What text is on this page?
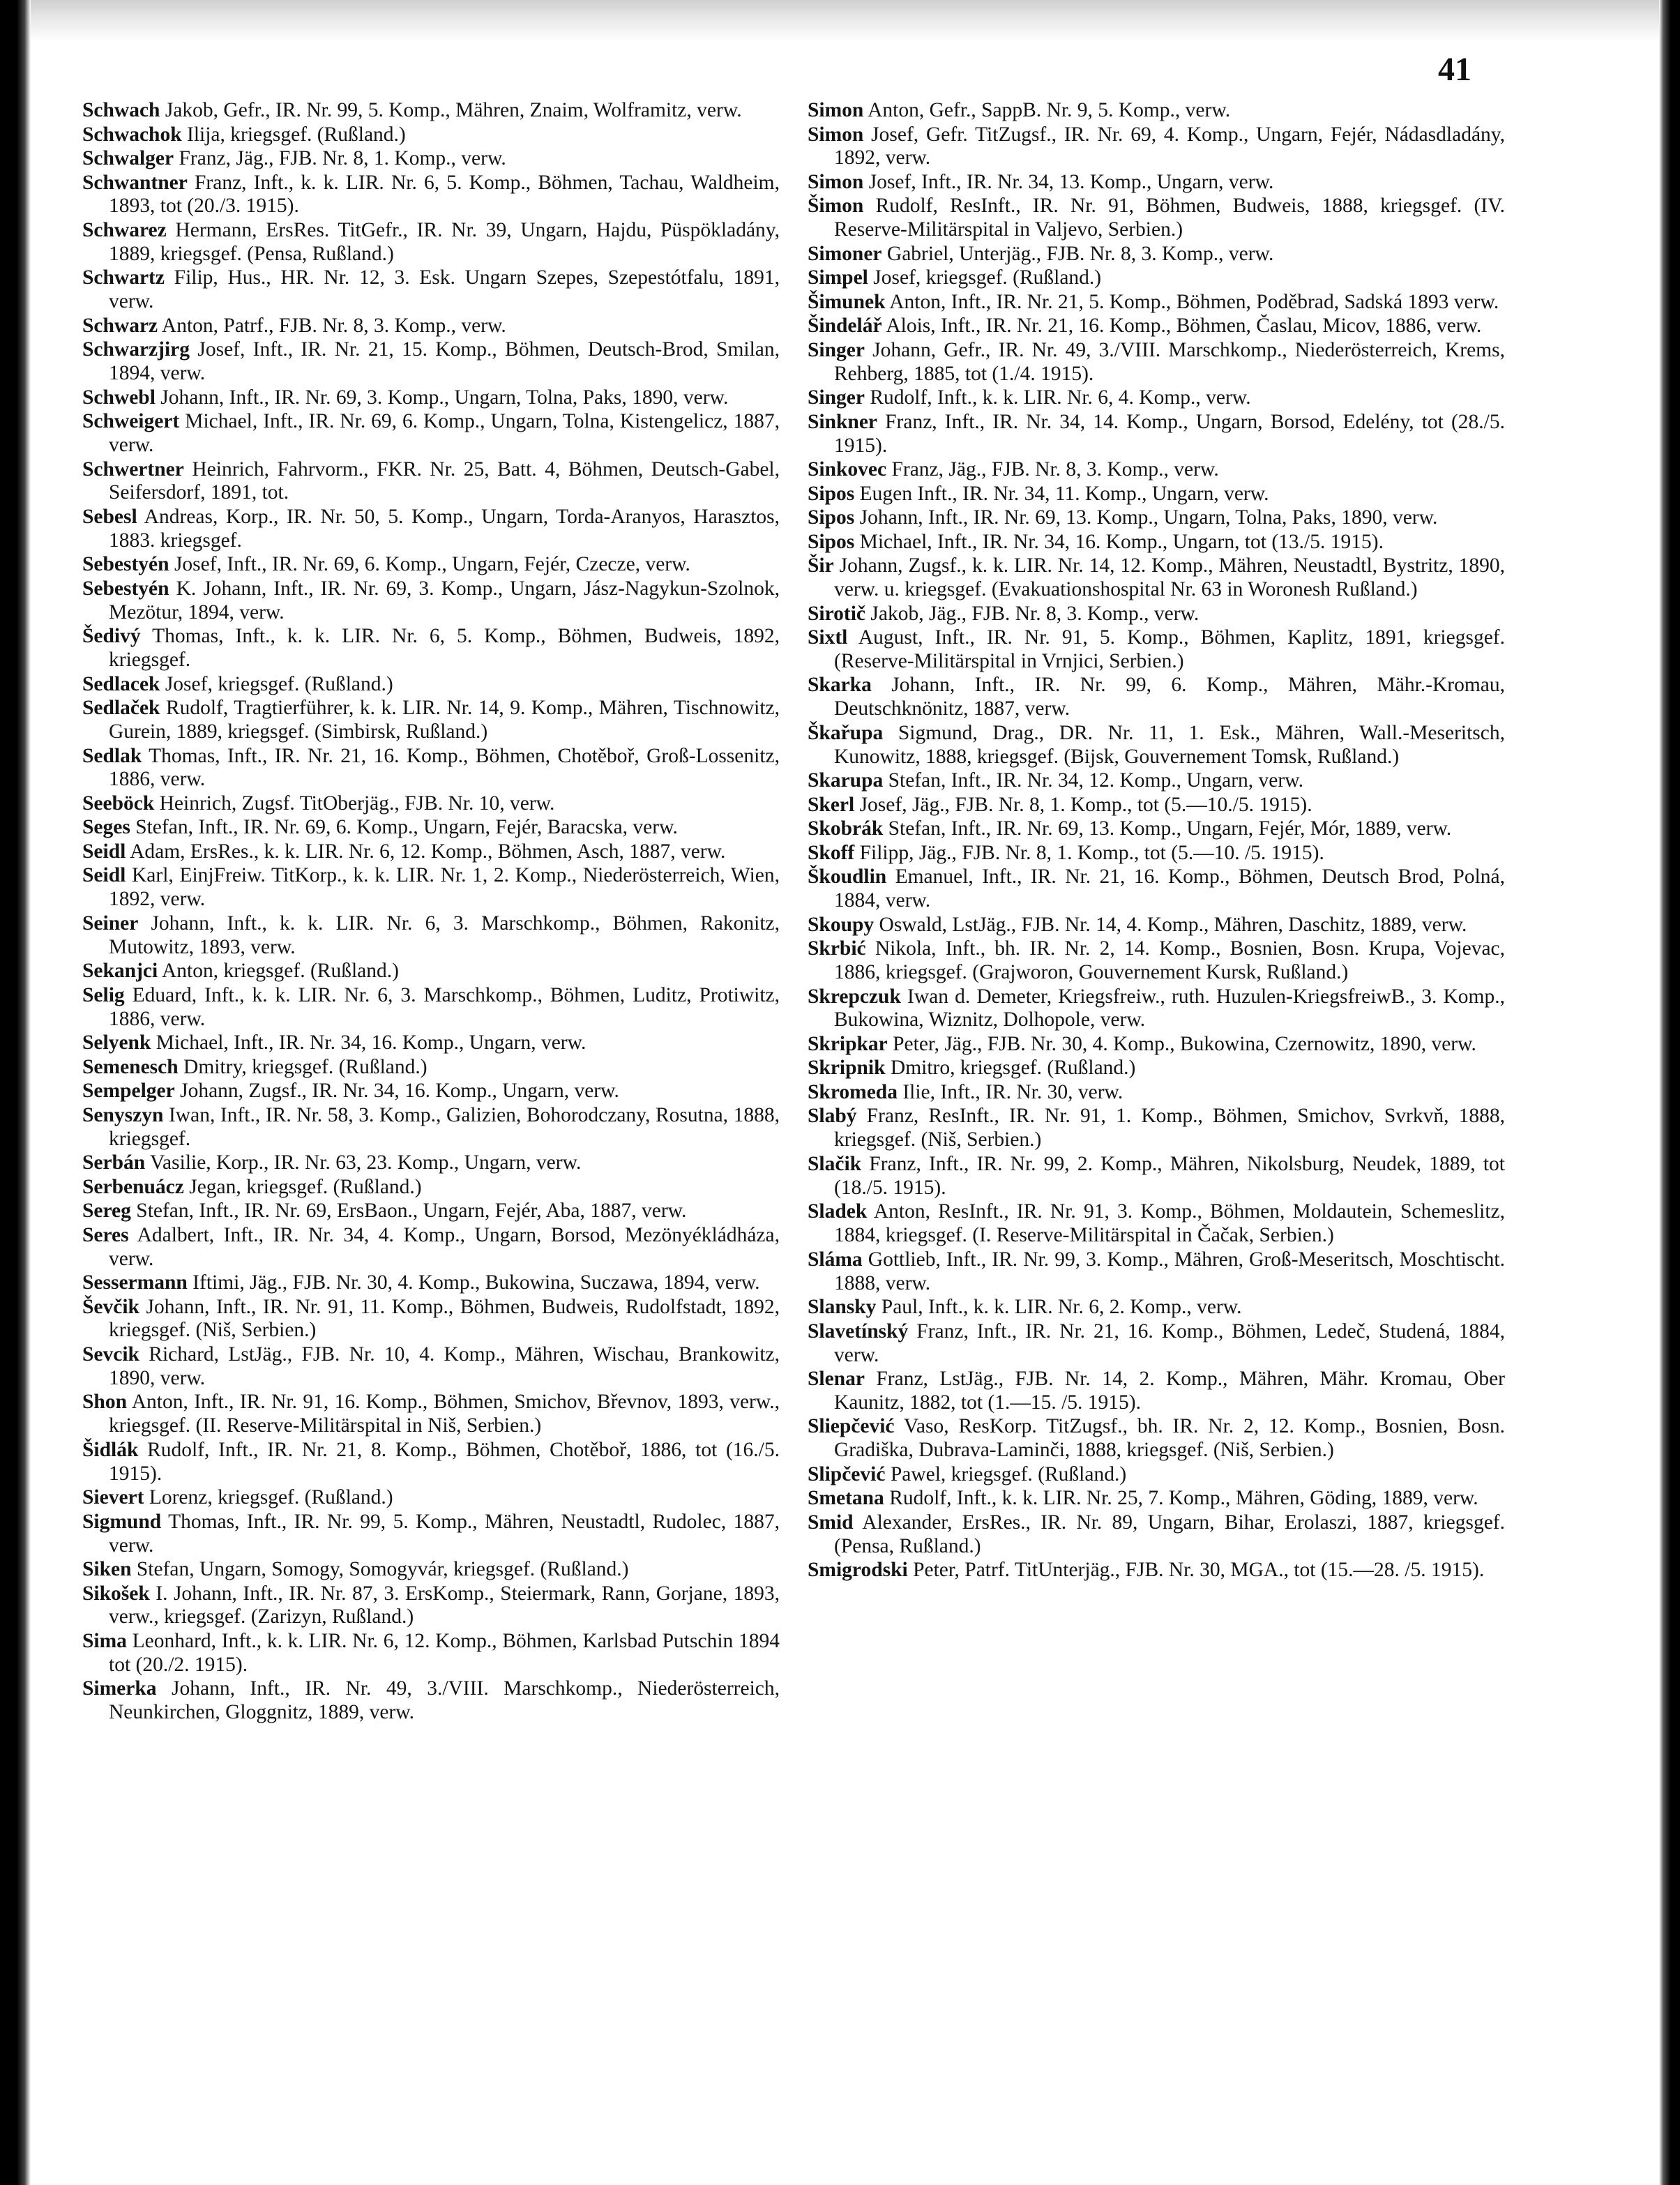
41

Schwach Jakob, Gefr., IR. Nr. 99, 5. Komp., Mähren, Znaim, Wolframitz, verw.

Schwachok Ilija, kriegsgef. (Rußland.)

Schwalger Franz, Jäg., FJB. Nr. 8, 1. Komp., verw.

Schwantner Franz, Inft., k. k. LIR. Nr. 6, 5. Komp., Böhmen, Tachau, Waldheim, 1893, tot (20./3. 1915).

Schwarez Hermann, ErsRes. TitGefr., IR. Nr. 39, Ungarn, Hajdu, Püspökladány, 1889, kriegsgef. (Pensa, Rußland.)

Schwartz Filip, Hus., HR. Nr. 12, 3. Esk. Ungarn Szepes, Szepestótfalu, 1891, verw.

Schwarz Anton, Patrf., FJB. Nr. 8, 3. Komp., verw.

Schwarzjirg Josef, Inft., IR. Nr. 21, 15. Komp., Böhmen, Deutsch-Brod, Smilan, 1894, verw.

Schwebl Johann, Inft., IR. Nr. 69, 3. Komp., Ungarn, Tolna, Paks, 1890, verw.

Schweigert Michael, Inft., IR. Nr. 69, 6. Komp., Ungarn, Tolna, Kistengelicz, 1887, verw.

Schwertner Heinrich, Fahrvorm., FKR. Nr. 25, Batt. 4, Böhmen, Deutsch-Gabel, Seifersdorf, 1891, tot.

Sebesl Andreas, Korp., IR. Nr. 50, 5. Komp., Ungarn, Torda-Aranyos, Harasztos, 1883. kriegsgef.

Sebestyén Josef, Inft., IR. Nr. 69, 6. Komp., Ungarn, Fejér, Czecze, verw.

Sebestyén K. Johann, Inft., IR. Nr. 69, 3. Komp., Ungarn, Jász-Nagykun-Szolnok, Mezötur, 1894, verw.

Šedivý Thomas, Inft., k. k. LIR. Nr. 6, 5. Komp., Böhmen, Budweis, 1892, kriegsgef.

Sedlacek Josef, kriegsgef. (Rußland.)

Sedlaček Rudolf, Tragtierführer, k. k. LIR. Nr. 14, 9. Komp., Mähren, Tischnowitz, Gurein, 1889, kriegsgef. (Simbirsk, Rußland.)

Sedlak Thomas, Inft., IR. Nr. 21, 16. Komp., Böhmen, Chotěboř, Groß-Lossenitz, 1886, verw.

Seeböck Heinrich, Zugsf. TitOberjäg., FJB. Nr. 10, verw.

Seges Stefan, Inft., IR. Nr. 69, 6. Komp., Ungarn, Fejér, Baracska, verw.

Seidl Adam, ErsRes., k. k. LIR. Nr. 6, 12. Komp., Böhmen, Asch, 1887, verw.

Seidl Karl, EinjFreiw. TitKorp., k. k. LIR. Nr. 1, 2. Komp., Niederösterreich, Wien, 1892, verw.

Seiner Johann, Inft., k. k. LIR. Nr. 6, 3. Marschkomp., Böhmen, Rakonitz, Mutowitz, 1893, verw.

Sekanjci Anton, kriegsgef. (Rußland.)

Selig Eduard, Inft., k. k. LIR. Nr. 6, 3. Marschkomp., Böhmen, Luditz, Protiwitz, 1886, verw.

Selyenk Michael, Inft., IR. Nr. 34, 16. Komp., Ungarn, verw.

Semenesch Dmitry, kriegsgef. (Rußland.)

Sempelger Johann, Zugsf., IR. Nr. 34, 16. Komp., Ungarn, verw.

Senyszyn Iwan, Inft., IR. Nr. 58, 3. Komp., Galizien, Bohorodczany, Rosutna, 1888, kriegsgef.

Serbán Vasilie, Korp., IR. Nr. 63, 23. Komp., Ungarn, verw.

Serbenuácz Jegan, kriegsgef. (Rußland.)

Sereg Stefan, Inft., IR. Nr. 69, ErsBaon., Ungarn, Fejér, Aba, 1887, verw.

Seres Adalbert, Inft., IR. Nr. 34, 4. Komp., Ungarn, Borsod, Mezönyékládháza, verw.

Sessermann Iftimi, Jäg., FJB. Nr. 30, 4. Komp., Bukowina, Suczawa, 1894, verw.

Ševčik Johann, Inft., IR. Nr. 91, 11. Komp., Böhmen, Budweis, Rudolfstadt, 1892, kriegsgef. (Niš, Serbien.)

Sevcik Richard, LstJäg., FJB. Nr. 10, 4. Komp., Mähren, Wischau, Brankowitz, 1890, verw.

Shon Anton, Inft., IR. Nr. 91, 16. Komp., Böhmen, Smichov, Břevnov, 1893, verw., kriegsgef. (II. Reserve-Militärspital in Niš, Serbien.)

Šidlák Rudolf, Inft., IR. Nr. 21, 8. Komp., Böhmen, Chotěboř, 1886, tot (16./5. 1915).

Sievert Lorenz, kriegsgef. (Rußland.)

Sigmund Thomas, Inft., IR. Nr. 99, 5. Komp., Mähren, Neustadtl, Rudolec, 1887, verw.

Siken Stefan, Ungarn, Somogy, Somogyvár, kriegsgef. (Rußland.)

Sikošek I. Johann, Inft., IR. Nr. 87, 3. ErsKomp., Steiermark, Rann, Gorjane, 1893, verw., kriegsgef. (Zarizyn, Rußland.)

Sima Leonhard, Inft., k. k. LIR. Nr. 6, 12. Komp., Böhmen, Karlsbad Putschin 1894 tot (20./2. 1915).

Simerka Johann, Inft., IR. Nr. 49, 3./VIII. Marschkomp., Niederösterreich, Neunkirchen, Gloggnitz, 1889, verw.

Simon Anton, Gefr., SappB. Nr. 9, 5. Komp., verw.

Simon Josef, Gefr. TitZugsf., IR. Nr. 69, 4. Komp., Ungarn, Fejér, Nádasdladány, 1892, verw.

Simon Josef, Inft., IR. Nr. 34, 13. Komp., Ungarn, verw.

Šimon Rudolf, ResInft., IR. Nr. 91, Böhmen, Budweis, 1888, kriegsgef. (IV. Reserve-Militärspital in Valjevo, Serbien.)

Simoner Gabriel, Unterjäg., FJB. Nr. 8, 3. Komp., verw.

Simpel Josef, kriegsgef. (Rußland.)

Šimunek Anton, Inft., IR. Nr. 21, 5. Komp., Böhmen, Poděbrad, Sadská 1893 verw.

Šindelář Alois, Inft., IR. Nr. 21, 16. Komp., Böhmen, Časlau, Micov, 1886, verw.

Singer Johann, Gefr., IR. Nr. 49, 3./VIII. Marschkomp., Niederösterreich, Krems, Rehberg, 1885, tot (1./4. 1915).

Singer Rudolf, Inft., k. k. LIR. Nr. 6, 4. Komp., verw.

Sinkner Franz, Inft., IR. Nr. 34, 14. Komp., Ungarn, Borsod, Edelény, tot (28./5. 1915).

Sinkovec Franz, Jäg., FJB. Nr. 8, 3. Komp., verw.

Sipos Eugen Inft., IR. Nr. 34, 11. Komp., Ungarn, verw.

Sipos Johann, Inft., IR. Nr. 69, 13. Komp., Ungarn, Tolna, Paks, 1890, verw.

Sipos Michael, Inft., IR. Nr. 34, 16. Komp., Ungarn, tot (13./5. 1915).

Šir Johann, Zugsf., k. k. LIR. Nr. 14, 12. Komp., Mähren, Neustadtl, Bystritz, 1890, verw. u. kriegsgef. (Evakuationshospital Nr. 63 in Woronesh Rußland.)

Sirotič Jakob, Jäg., FJB. Nr. 8, 3. Komp., verw.

Sixtl August, Inft., IR. Nr. 91, 5. Komp., Böhmen, Kaplitz, 1891, kriegsgef. (Reserve-Militärspital in Vrnjici, Serbien.)

Skarka Johann, Inft., IR. Nr. 99, 6. Komp., Mähren, Mähr.-Kromau, Deutschknönitz, 1887, verw.

Škařupa Sigmund, Drag., DR. Nr. 11, 1. Esk., Mähren, Wall.-Meseritsch, Kunowitz, 1888, kriegsgef. (Bijsk, Gouvernement Tomsk, Rußland.)

Skarupa Stefan, Inft., IR. Nr. 34, 12. Komp., Ungarn, verw.

Skerl Josef, Jäg., FJB. Nr. 8, 1. Komp., tot (5.—10./5. 1915).

Skobrák Stefan, Inft., IR. Nr. 69, 13. Komp., Ungarn, Fejér, Mór, 1889, verw.

Skoff Filipp, Jäg., FJB. Nr. 8, 1. Komp., tot (5.—10. /5. 1915).

Škoudlin Emanuel, Inft., IR. Nr. 21, 16. Komp., Böhmen, Deutsch Brod, Polná, 1884, verw.

Skoupy Oswald, LstJäg., FJB. Nr. 14, 4. Komp., Mähren, Daschitz, 1889, verw.

Skrbić Nikola, Inft., bh. IR. Nr. 2, 14. Komp., Bosnien, Bosn. Krupa, Vojevac, 1886, kriegsgef. (Grajworon, Gouvernement Kursk, Rußland.)

Skrepczuk Iwan d. Demeter, Kriegsfreiw., ruth. Huzulen-KriegsfreiwB., 3. Komp., Bukowina, Wiznitz, Dolhopole, verw.

Skripkar Peter, Jäg., FJB. Nr. 30, 4. Komp., Bukowina, Czernowitz, 1890, verw.

Skripnik Dmitro, kriegsgef. (Rußland.)

Skromeda Ilie, Inft., IR. Nr. 30, verw.

Slabý Franz, ResInft., IR. Nr. 91, 1. Komp., Böhmen, Smichov, Svrkvň, 1888, kriegsgef. (Niš, Serbien.)

Slačik Franz, Inft., IR. Nr. 99, 2. Komp., Mähren, Nikolsburg, Neudek, 1889, tot (18./5. 1915).

Sladek Anton, ResInft., IR. Nr. 91, 3. Komp., Böhmen, Moldautein, Schemeslitz, 1884, kriegsgef. (I. Reserve-Militärspital in Čačak, Serbien.)

Sláma Gottlieb, Inft., IR. Nr. 99, 3. Komp., Mähren, Groß-Meseritsch, Moschtischt. 1888, verw.

Slansky Paul, Inft., k. k. LIR. Nr. 6, 2. Komp., verw.

Slavetínský Franz, Inft., IR. Nr. 21, 16. Komp., Böhmen, Ledeč, Studená, 1884, verw.

Slenar Franz, LstJäg., FJB. Nr. 14, 2. Komp., Mähren, Mähr. Kromau, Ober Kaunitz, 1882, tot (1.—15. /5. 1915).

Sliepčević Vaso, ResKorp. TitZugsf., bh. IR. Nr. 2, 12. Komp., Bosnien, Bosn. Gradiška, Dubrava-Laminči, 1888, kriegsgef. (Niš, Serbien.)

Slipčević Pawel, kriegsgef. (Rußland.)

Smetana Rudolf, Inft., k. k. LIR. Nr. 25, 7. Komp., Mähren, Göding, 1889, verw.

Smid Alexander, ErsRes., IR. Nr. 89, Ungarn, Bihar, Erolaszi, 1887, kriegsgef. (Pensa, Rußland.)

Smigrodski Peter, Patrf. TitUnterjäg., FJB. Nr. 30, MGA., tot (15.—28. /5. 1915).
